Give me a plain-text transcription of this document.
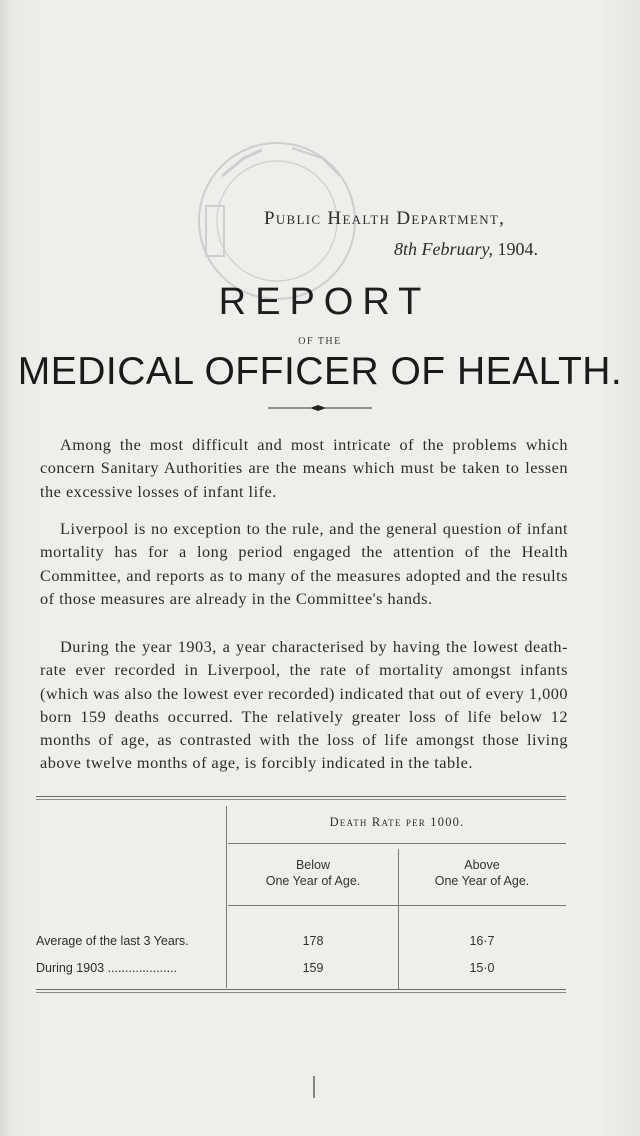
Public Health Department,
8th February, 1904.
REPORT
OF THE
MEDICAL OFFICER OF HEALTH.

Among the most difficult and most intricate of the problems which concern Sanitary Authorities are the means which must be taken to lessen the excessive losses of infant life.

Liverpool is no exception to the rule, and the general question of infant mortality has for a long period engaged the attention of the Health Committee, and reports as to many of the measures adopted and the results of those measures are already in the Committee's hands.

During the year 1903, a year characterised by having the lowest death-rate ever recorded in Liverpool, the rate of mortality amongst infants (which was also the lowest ever recorded) indicated that out of every 1,000 born 159 deaths occurred. The relatively greater loss of life below 12 months of age, as contrasted with the loss of life amongst those living above twelve months of age, is forcibly indicated in the table.

Death Rate per 1000.
Below
One Year of Age.
Above
One Year of Age.
Average of the last 3 Years.	178	16·7
During 1903 ....................	159	15·0
